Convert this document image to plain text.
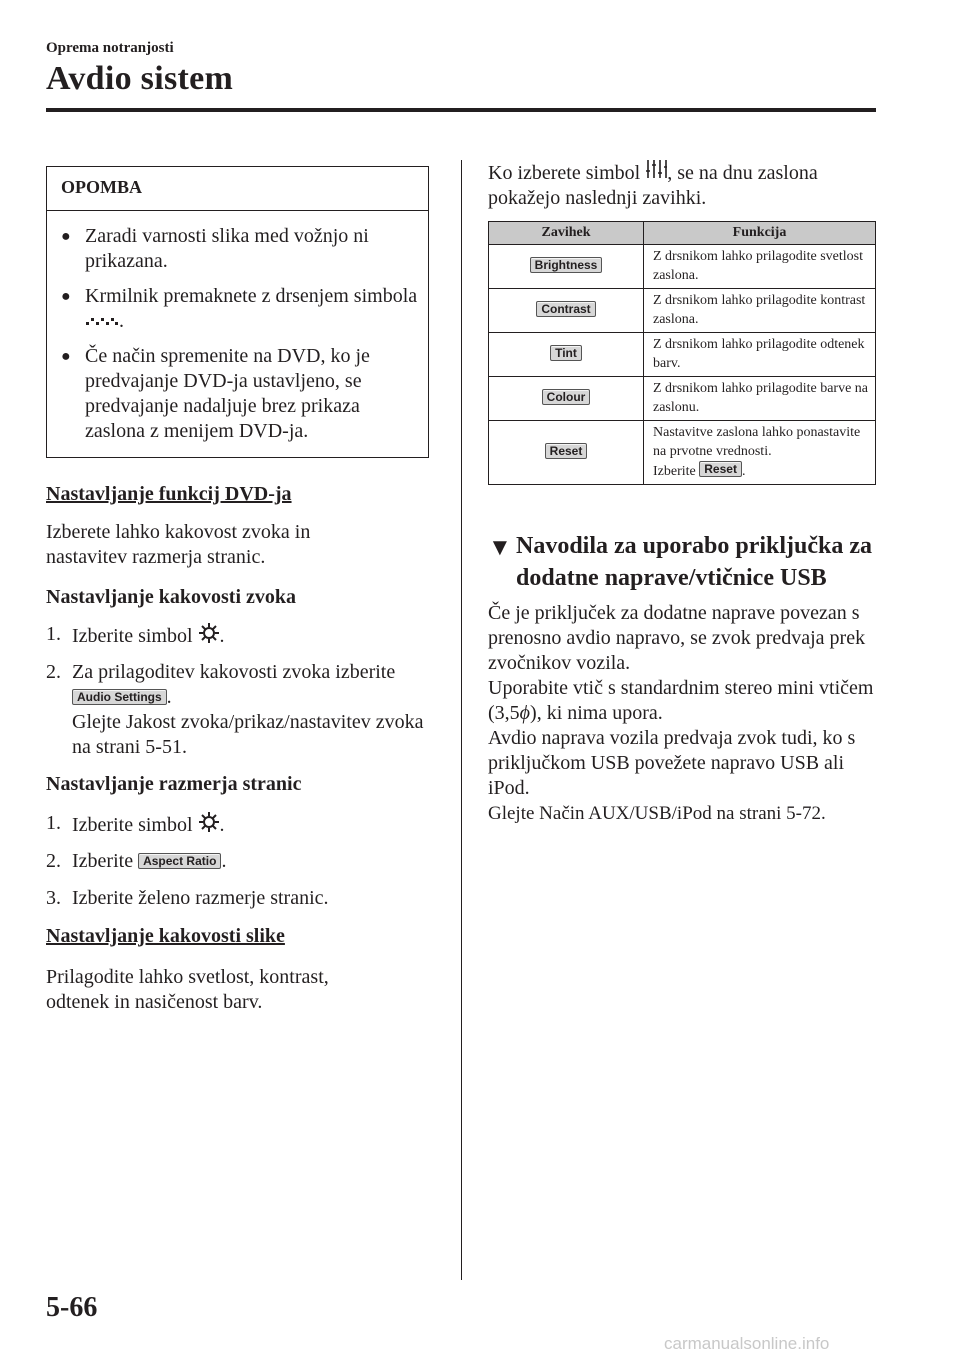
Oprema notranjosti
Avdio sistem
OPOMBA
● Zaradi varnosti slika med vožnjo ni prikazana.
● Krmilnik premaknete z drsenjem simbola .
● Če način spremenite na DVD, ko je predvajanje DVD-ja ustavljeno, se predvajanje nadaljuje brez prikaza zaslona z menijem DVD-ja.
Nastavljanje funkcij DVD-ja
Izberete lahko kakovost zvoka in nastavitev razmerja stranic.
Nastavljanje kakovosti zvoka
1. Izberite simbol .
2. Za prilagoditev kakovosti zvoka izberite Audio Settings .
Glejte Jakost zvoka/prikaz/nastavitev zvoka na strani 5-51.
Nastavljanje razmerja stranic
1. Izberite simbol .
2. Izberite Aspect Ratio .
3. Izberite želeno razmerje stranic.
Nastavljanje kakovosti slike
Prilagodite lahko svetlost, kontrast, odtenek in nasičenost barv.
Ko izberete simbol , se na dnu zaslona pokažejo naslednji zavihki.
Zavihek	Funkcija
Brightness	Z drsnikom lahko prilagodite svetlost zaslona.
Contrast	Z drsnikom lahko prilagodite kontrast zaslona.
Tint	Z drsnikom lahko prilagodite odtenek barv.
Colour	Z drsnikom lahko prilagodite barve na zaslonu.
Reset	Nastavitve zaslona lahko ponastavite na prvotne vrednosti.
Izberite Reset .
▼ Navodila za uporabo priključka za dodatne naprave/vtičnice USB
Če je priključek za dodatne naprave povezan s prenosno avdio napravo, se zvok predvaja prek zvočnikov vozila.
Uporabite vtič s standardnim stereo mini vtičem (3,5ϕ), ki nima upora.
Avdio naprava vozila predvaja zvok tudi, ko s priključkom USB povežete napravo USB ali iPod.
Glejte Način AUX/USB/iPod na strani 5-72.
5-66
carmanualsonline.info
